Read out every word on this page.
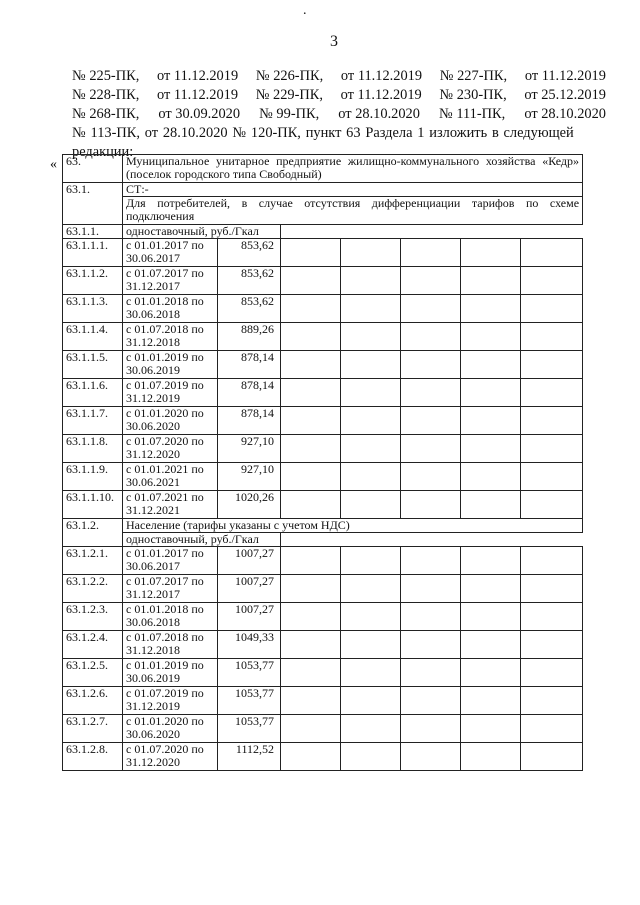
.
3
№ 225-ПК, от 11.12.2019 № 226-ПК, от 11.12.2019 № 227-ПК, от 11.12.2019
№ 228-ПК, от 11.12.2019 № 229-ПК, от 11.12.2019 № 230-ПК, от 25.12.2019
№ 268-ПК, от 30.09.2020 № 99-ПК, от 28.10.2020 № 111-ПК, от 28.10.2020
№ 113-ПК, от 28.10.2020 № 120-ПК, пункт 63 Раздела 1 изложить в следующей
редакции:
« 63.	Муниципальное унитарное предприятие жилищно-коммунального хозяйства «Кедр» (поселок городского типа Свободный)						
63.1.	СТ:-						
	Для потребителей, в случае отсутствия дифференциации тарифов по схеме подключения						
63.1.1.	одноставочный, руб./Гкал						
63.1.1.1.	с 01.01.2017 по 30.06.2017	853,62					
63.1.1.2.	с 01.07.2017 по 31.12.2017	853,62					
63.1.1.3.	с 01.01.2018 по 30.06.2018	853,62					
63.1.1.4.	с 01.07.2018 по 31.12.2018	889,26					
63.1.1.5.	с 01.01.2019 по 30.06.2019	878,14					
63.1.1.6.	с 01.07.2019 по 31.12.2019	878,14					
63.1.1.7.	с 01.01.2020 по 30.06.2020	878,14					
63.1.1.8.	с 01.07.2020 по 31.12.2020	927,10					
63.1.1.9.	с 01.01.2021 по 30.06.2021	927,10					
63.1.1.10.	с 01.07.2021 по 31.12.2021	1020,26					
63.1.2.	Население (тарифы указаны с учетом НДС)						
	одноставочный, руб./Гкал						
63.1.2.1.	с 01.01.2017 по 30.06.2017	1007,27					
63.1.2.2.	с 01.07.2017 по 31.12.2017	1007,27					
63.1.2.3.	с 01.01.2018 по 30.06.2018	1007,27					
63.1.2.4.	с 01.07.2018 по 31.12.2018	1049,33					
63.1.2.5.	с 01.01.2019 по 30.06.2019	1053,77					
63.1.2.6.	с 01.07.2019 по 31.12.2019	1053,77					
63.1.2.7.	с 01.01.2020 по 30.06.2020	1053,77					
63.1.2.8.	с 01.07.2020 по 31.12.2020	1112,52					
